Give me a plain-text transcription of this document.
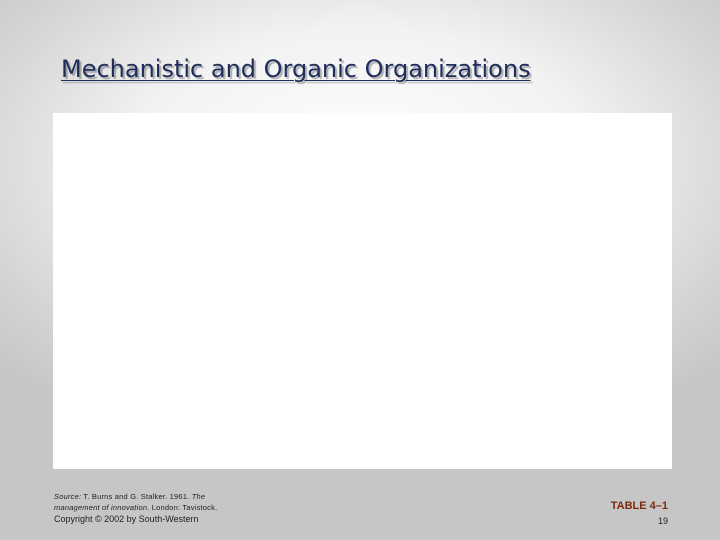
Mechanistic and Organic Organizations
Source: T. Burns and G. Stalker. 1961. The
management of innovation. London: Tavistock.
Copyright © 2002 by South-Western
TABLE 4–1
19
